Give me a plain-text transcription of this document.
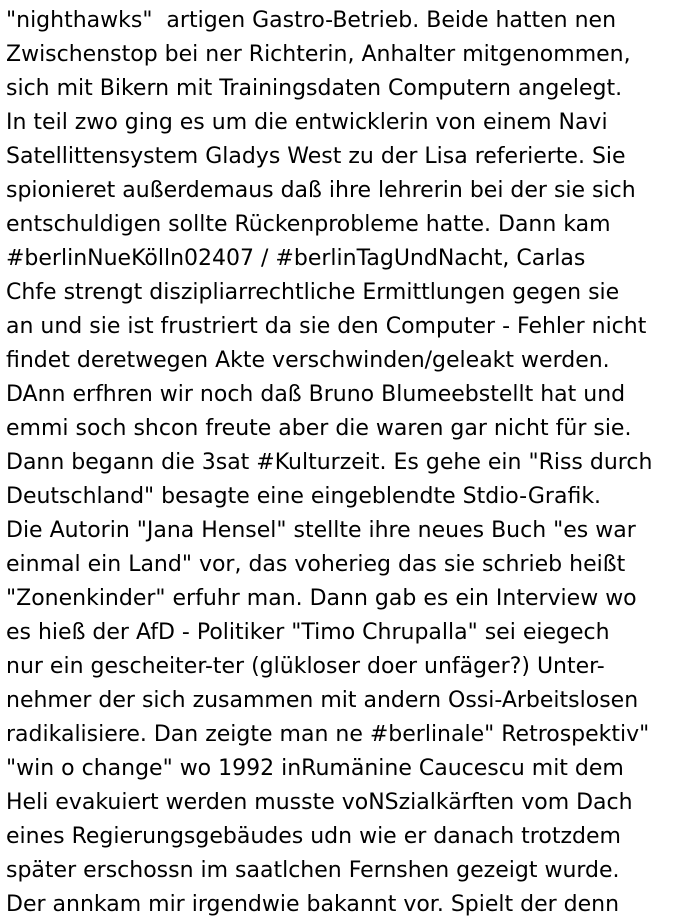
"nighthawks"  artigen Gastro-Betrieb. Beide hatten nen
Zwischenstop bei ner Richterin, Anhalter mitgenommen,
sich mit Bikern mit Trainingsdaten Computern angelegt.
In teil zwo ging es um die entwicklerin von einem Navi
Satellittensystem Gladys West zu der Lisa referierte. Sie
spionieret außerdemaus daß ihre lehrerin bei der sie sich
entschuldigen sollte Rückenprobleme hatte. Dann kam
#berlinNueKölln02407 / #berlinTagUndNacht, Carlas
Chfe strengt diszipliarrechtliche Ermittlungen gegen sie
an und sie ist frustriert da sie den Computer - Fehler nicht
findet deretwegen Akte verschwinden/geleakt werden.
DAnn erfhren wir noch daß Bruno Blumeebstellt hat und
emmi soch shcon freute aber die waren gar nicht für sie.
Dann begann die 3sat #Kulturzeit. Es gehe ein "Riss durch
Deutschland" besagte eine eingeblendte Stdio-Grafik.
Die Autorin "Jana Hensel" stellte ihre neues Buch "es war
einmal ein Land" vor, das voherieg das sie schrieb heißt
"Zonenkinder" erfuhr man. Dann gab es ein Interview wo
es hieß der AfD - Politiker "Timo Chrupalla" sei eiegech
nur ein gescheiter-ter (glükloser doer unfäger?) Unter-
nehmer der sich zusammen mit andern Ossi-Arbeitslosen
radikalisiere. Dan zeigte man ne #berlinale" Retrospektiv"
"win o change" wo 1992 inRumänine Caucescu mit dem
Heli evakuiert werden musste voNSzialkärften vom Dach
eines Regierungsgebäudes udn wie er danach trotzdem
später erschossn im saatlchen Fernshen gezeigt wurde.
Der annkam mir irgendwie bakannt vor. Spielt der denn
